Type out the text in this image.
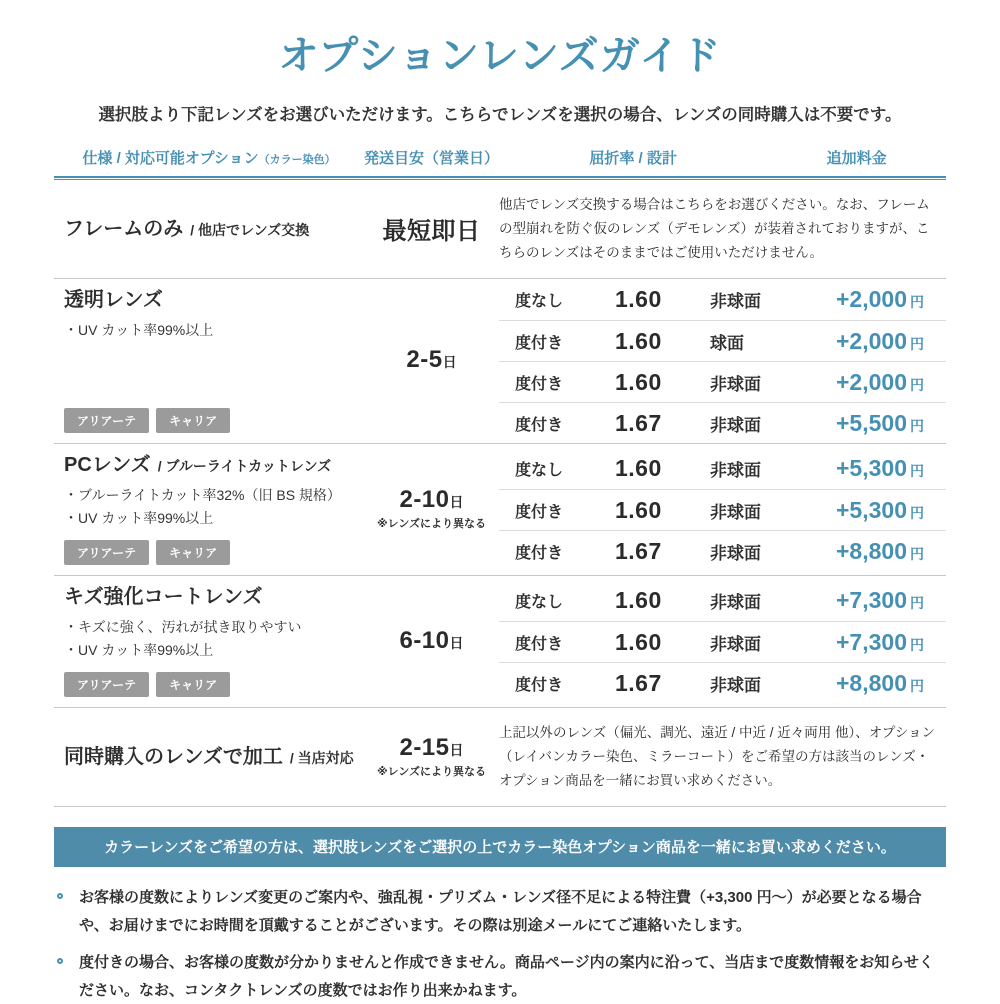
オプションレンズガイド

選択肢より下記レンズをお選びいただけます。こちらでレンズを選択の場合、レンズの同時購入は不要です。

仕様 / 対応可能オプション（カラー染色）	発送目安（営業日）	屈折率 / 設計	追加料金
フレームのみ / 他店でレンズ交換	最短即日

他店でレンズ交換する場合はこちらをお選びください。なお、フレームの型崩れを防ぐ仮のレンズ（デモレンズ）が装着されておりますが、こちらのレンズはそのままではご使用いただけません。

透明レンズ
・UV カット率99%以上
アリアーテ	キャリア
2-5日
度なし	1.60	非球面	+2,000 円
度付き	1.60	球面	+2,000 円
度付き	1.60	非球面	+2,000 円
度付き	1.67	非球面	+5,500 円
PCレンズ / ブルーライトカットレンズ
・ブルーライトカット率32%（旧 BS 規格）
・UV カット率99%以上
アリアーテ	キャリア
2-10日
※レンズにより異なる
度なし	1.60	非球面	+5,300 円
度付き	1.60	非球面	+5,300 円
度付き	1.67	非球面	+8,800 円
キズ強化コートレンズ
・キズに強く、汚れが拭き取りやすい
・UV カット率99%以上
アリアーテ	キャリア
6-10日
度なし	1.60	非球面	+7,300 円
度付き	1.60	非球面	+7,300 円
度付き	1.67	非球面	+8,800 円
同時購入のレンズで加工 / 当店対応	2-15日
※レンズにより異なる

上記以外のレンズ（偏光、調光、遠近 / 中近 / 近々両用 他）、オプション（レイバンカラー染色、ミラーコート）をご希望の方は該当のレンズ・オプション商品を一緒にお買い求めください。

カラーレンズをご希望の方は、選択肢レンズをご選択の上でカラー染色オプション商品を一緒にお買い求めください。
お客様の度数によりレンズ変更のご案内や、強乱視・プリズム・レンズ径不足による特注費（+3,300 円〜）が必要となる場合や、お届けまでにお時間を頂戴することがございます。その際は別途メールにてご連絡いたします。
度付きの場合、お客様の度数が分かりませんと作成できません。商品ページ内の案内に沿って、当店まで度数情報をお知らせください。なお、コンタクトレンズの度数ではお作り出来かねます。
